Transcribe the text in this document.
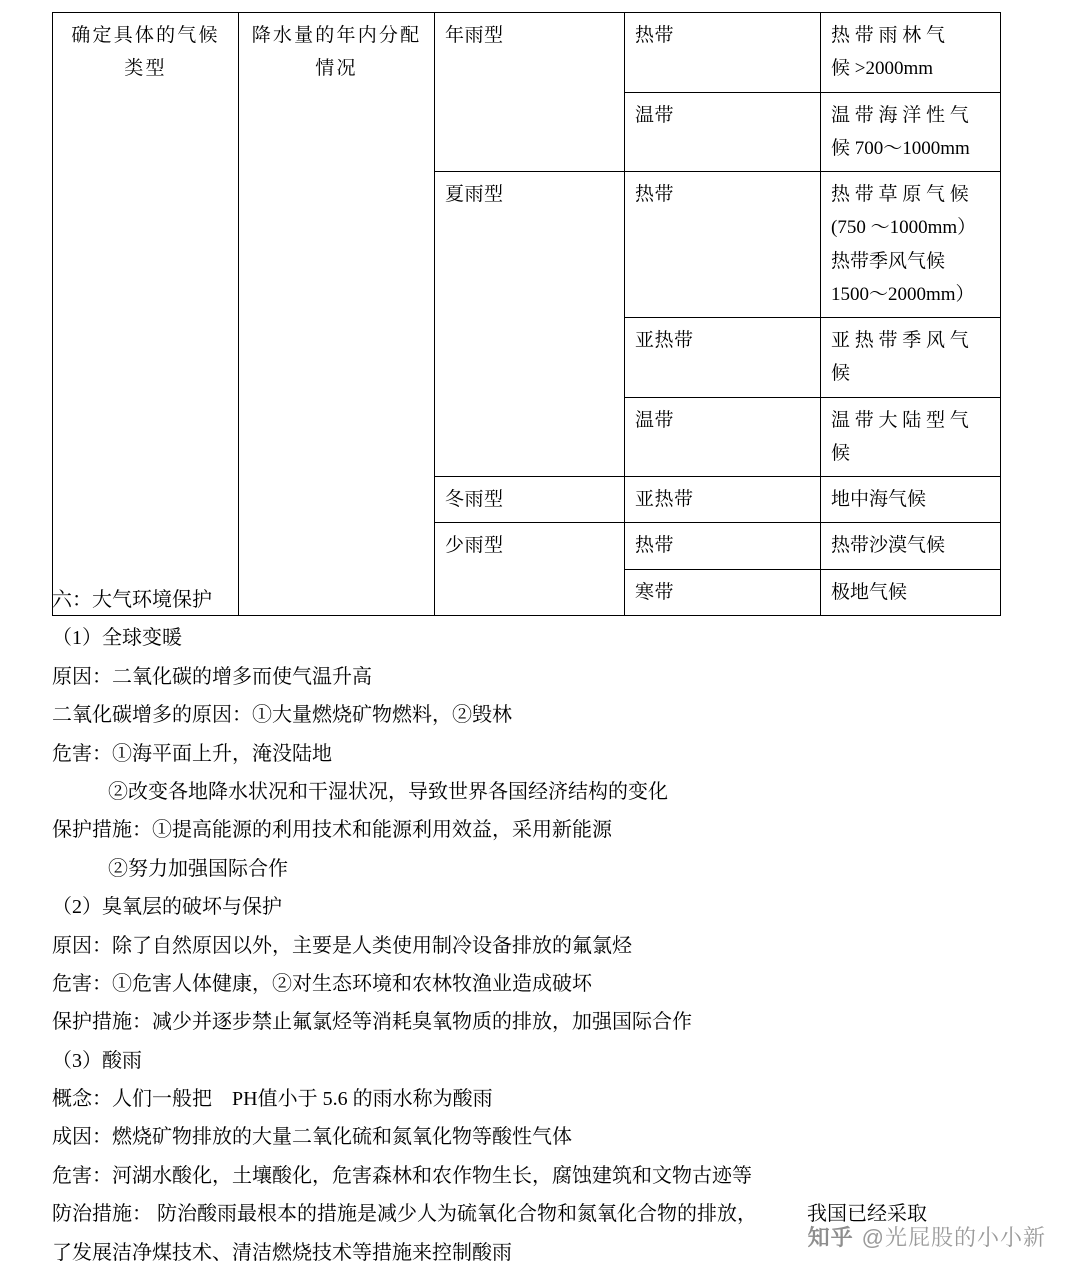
确定具体的气候类型	降水量的年内分配情况	年雨型	热带	热 带 雨 林 气
候 >2000mm

			温带	温 带 海 洋 性 气
候 700～1000mm

		夏雨型	热带	热 带 草 原 气 候
(750 ～1000mm）
热带季风气候
1500～2000mm）

			亚热带	亚 热 带 季 风 气
候

			温带	温 带 大 陆 型 气
候

		冬雨型	亚热带	地中海气候

		少雨型	热带	热带沙漠气候

			寒带	极地气候

六：大气环境保护

（1）全球变暖

原因：二氧化碳的增多而使气温升高

二氧化碳增多的原因：①大量燃烧矿物燃料，②毁林

危害：①海平面上升，淹没陆地

②改变各地降水状况和干湿状况，导致世界各国经济结构的变化

保护措施：①提高能源的利用技术和能源利用效益，采用新能源

②努力加强国际合作

（2）臭氧层的破坏与保护

原因：除了自然原因以外，主要是人类使用制冷设备排放的氟氯烃

危害：①危害人体健康，②对生态环境和农林牧渔业造成破坏

保护措施：减少并逐步禁止氟氯烃等消耗臭氧物质的排放，加强国际合作

（3）酸雨

概念：人们一般把    PH值小于 5.6 的雨水称为酸雨

成因：燃烧矿物排放的大量二氧化硫和氮氧化物等酸性气体

危害：河湖水酸化，土壤酸化，危害森林和农作物生长，腐蚀建筑和文物古迹等

防治措施： 防治酸雨最根本的措施是减少人为硫氧化合物和氮氧化合物的排放，          我国已经采取

了发展洁净煤技术、清洁燃烧技术等措施来控制酸雨

知乎 @光屁股的小小新
